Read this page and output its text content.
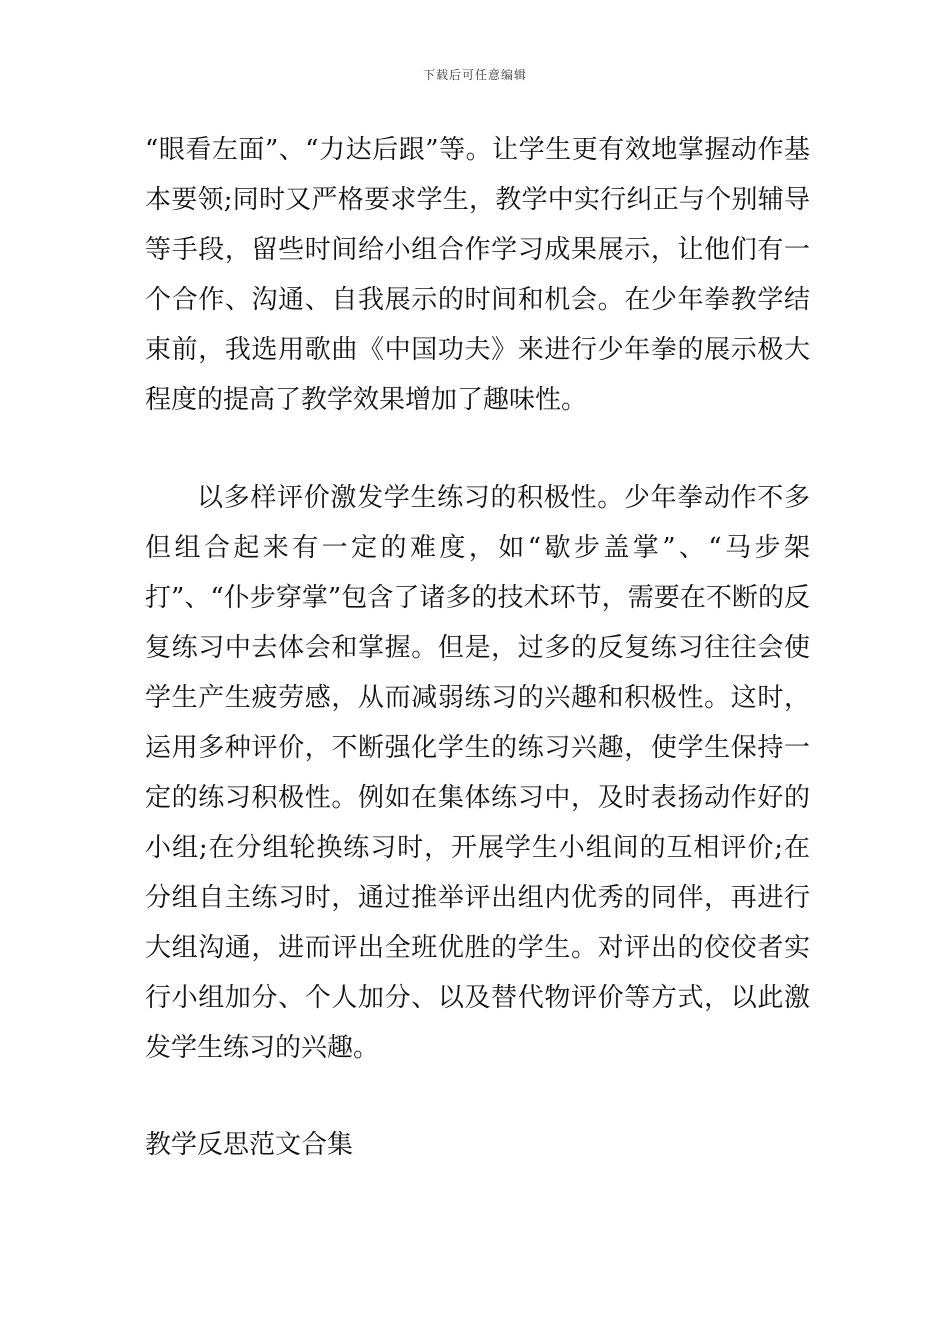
下载后可任意编辑

“眼看左面”、“力达后跟”等。让学生更有效地掌握动作基本要领;同时又严格要求学生，教学中实行纠正与个别辅导等手段，留些时间给小组合作学习成果展示，让他们有一个合作、沟通、自我展示的时间和机会。在少年拳教学结束前，我选用歌曲《中国功夫》来进行少年拳的展示极大程度的提高了教学效果增加了趣味性。

以多样评价激发学生练习的积极性。少年拳动作不多但组合起来有一定的难度，如“歇步盖掌”、“马步架打”、“仆步穿掌”包含了诸多的技术环节，需要在不断的反复练习中去体会和掌握。但是，过多的反复练习往往会使学生产生疲劳感，从而减弱练习的兴趣和积极性。这时，运用多种评价，不断强化学生的练习兴趣，使学生保持一定的练习积极性。例如在集体练习中，及时表扬动作好的小组;在分组轮换练习时，开展学生小组间的互相评价;在分组自主练习时，通过推举评出组内优秀的同伴，再进行大组沟通，进而评出全班优胜的学生。对评出的佼佼者实行小组加分、个人加分、以及替代物评价等方式，以此激发学生练习的兴趣。

教学反思范文合集
